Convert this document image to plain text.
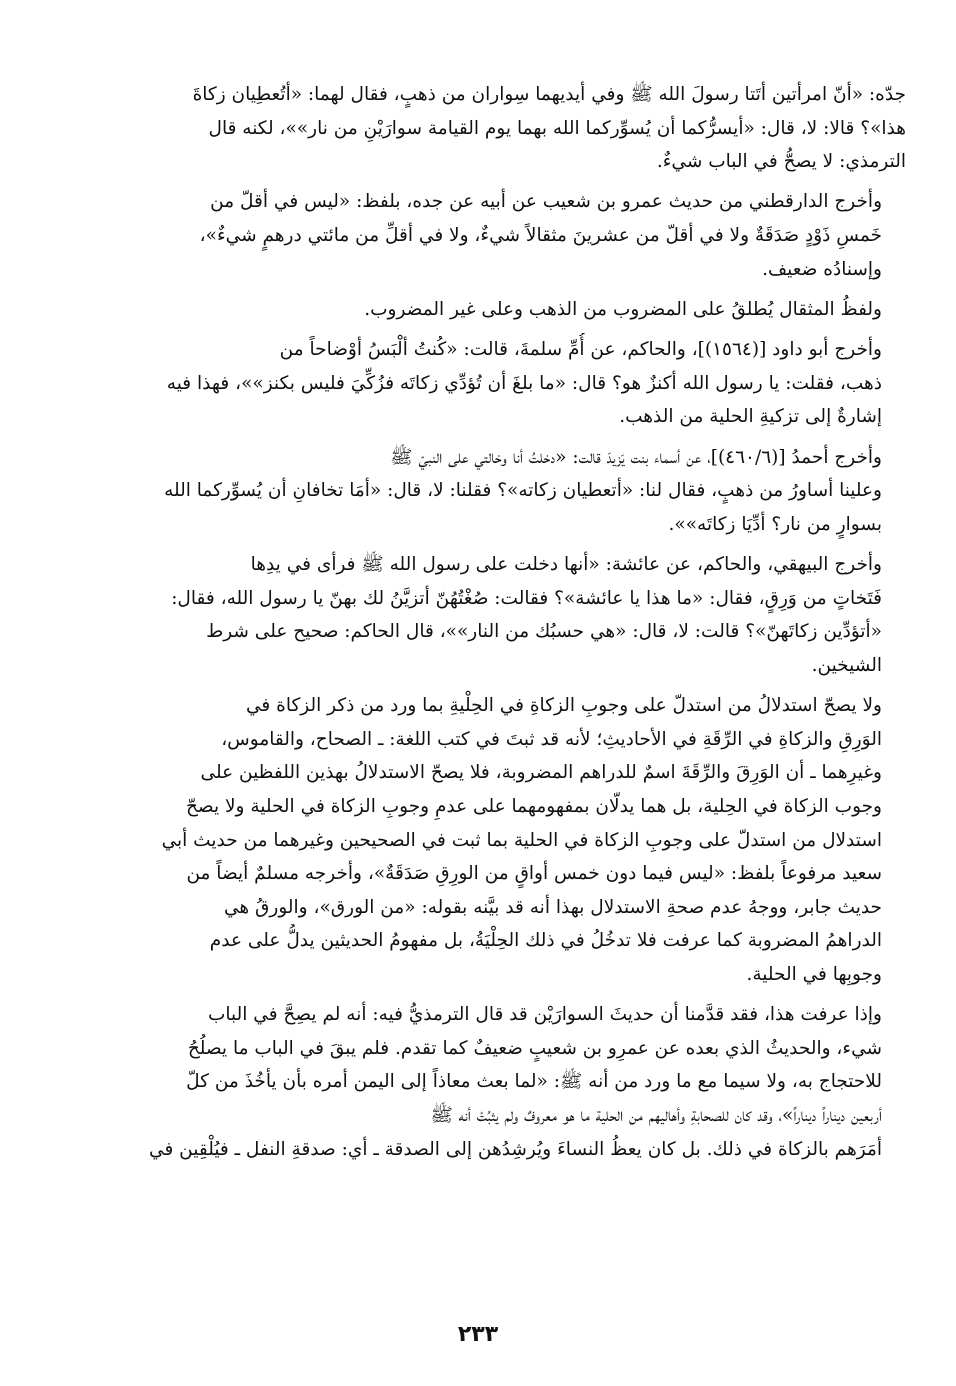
جدّه: «أنّ امرأتين أتَتا رسولَ الله ﷺ وفي أيديهما سِواران من ذهبٍ، فقال لهما: «أتُعطِيان زكاةَ
هذا»؟ قالا: لا، قال: «أيسرُّكما أن يُسوِّركما الله بهما يوم القيامة سوارَيْنِ من نار»»، لكنه قال
الترمذي: لا يصحُّ في الباب شيءٌ.
وأخرج الدارقطني من حديث عمرو بن شعيب عن أبيه عن جده، بلفظ: «ليس في أقلّ من
خَمسِ ذَوْدٍ صَدَقَةٌ ولا في أقلّ من عشرينَ مثقالاً شيءٌ، ولا في أقلِّ من مائتي درهمٍ شيءٌ»،
وإسنادُه ضعيف.
ولفظُ المثقال يُطلقُ على المضروب من الذهب وعلى غير المضروب.
وأخرج أبو داود [(١٥٦٤)]، والحاكم، عن أُمِّ سلمةَ، قالت: «كُنتُ ألْبَسُ أوْضاحاً من
ذهب، فقلت: يا رسول الله أكنزٌ هو؟ قال: «ما بلغَ أن تُؤدِّي زكاتَه فزُكِّيَ فليس بكنز»»، فهذا فيه
إشارةٌ إلى تزكيةِ الحلية من الذهب.
وأخرج أحمدُ [(٤٦٠/٦)]، عن أسماء بنت يَزيدَ قالت: «دخلتُ أنا وخالتي على النبيّ ﷺ
وعلينا أساورُ من ذهبٍ، فقال لنا: «أتعطيان زكاته»؟ فقلنا: لا، قال: «أمَا تخافانِ أن يُسوِّركما الله
بسوارٍ من نار؟ أدِّيَا زكاتَه»».
وأخرج البيهقي، والحاكم، عن عائشة: «أنها دخلت على رسول الله ﷺ فرأى في يدِها
فَتَخاتٍ من وَرِقٍ، فقال: «ما هذا يا عائشة»؟ فقالت: صُغْتُهُنّ أتزيَّنُ لك بهنّ يا رسول الله، فقال:
«أتؤدِّين زكاتَهنّ»؟ قالت: لا، قال: «هي حسبُك من النار»»، قال الحاكم: صحيح على شرط
الشيخين.
ولا يصحّ استدلالُ من استدلّ على وجوبِ الزكاةِ في الحِلْيةِ بما ورد من ذكر الزكاة في
الوَرِقِ والزكاةِ في الرِّقَةِ في الأحاديثِ؛ لأنه قد ثبتَ في كتب اللغة: ـ الصحاح، والقاموس،
وغيرِهما ـ أن الوَرِقَ والرِّقَةَ اسمٌ للدراهم المضروبة، فلا يصحّ الاستدلالُ بهذين اللفظين على
وجوب الزكاة في الحِلية، بل هما يدلّان بمفهومهما على عدمِ وجوبِ الزكاة في الحلية ولا يصحّ
استدلال من استدلّ على وجوبِ الزكاة في الحلية بما ثبت في الصحيحين وغيرهما من حديث أبي
سعيد مرفوعاً بلفظ: «ليس فيما دون خمس أواقٍ من الورِقِ صَدَقَةٌ»، وأخرجه مسلمٌ أيضاً من
حديث جابر، ووجهُ عدم صحةِ الاستدلال بهذا أنه قد بيَّنه بقوله: «من الورق»، والورقُ هي
الدراهمُ المضروبة كما عرفت فلا تدخُلُ في ذلك الحِلْيَةُ، بل مفهومُ الحديثين يدلُّ على عدم
وجوبِها في الحلية.
وإذا عرفت هذا، فقد قدَّمنا أن حديثَ السوارَيْن قد قال الترمذيُّ فيه: أنه لم يصِحَّ في الباب
شيء، والحديثُ الذي بعده عن عمرِو بن شعيبٍ ضعيفٌ كما تقدم. فلم يبقَ في الباب ما يصلُحُ
للاحتجاج به، ولا سيما مع ما ورد من أنه ﷺ: «لما بعث معاذاً إلى اليمن أمره بأن يأخُذَ من كلّ
أربعين ديناراً ديناراً»، وقد كان للصحابةِ وأهاليهم من الحلية ما هو معروفٌ ولم يثبُتْ أنه ﷺ
أمَرَهم بالزكاة في ذلك. بل كان يعظُ النساءَ ويُرشِدُهن إلى الصدقة ـ أي: صدقةِ النفل ـ فيُلْقِين في
٢٣٣
